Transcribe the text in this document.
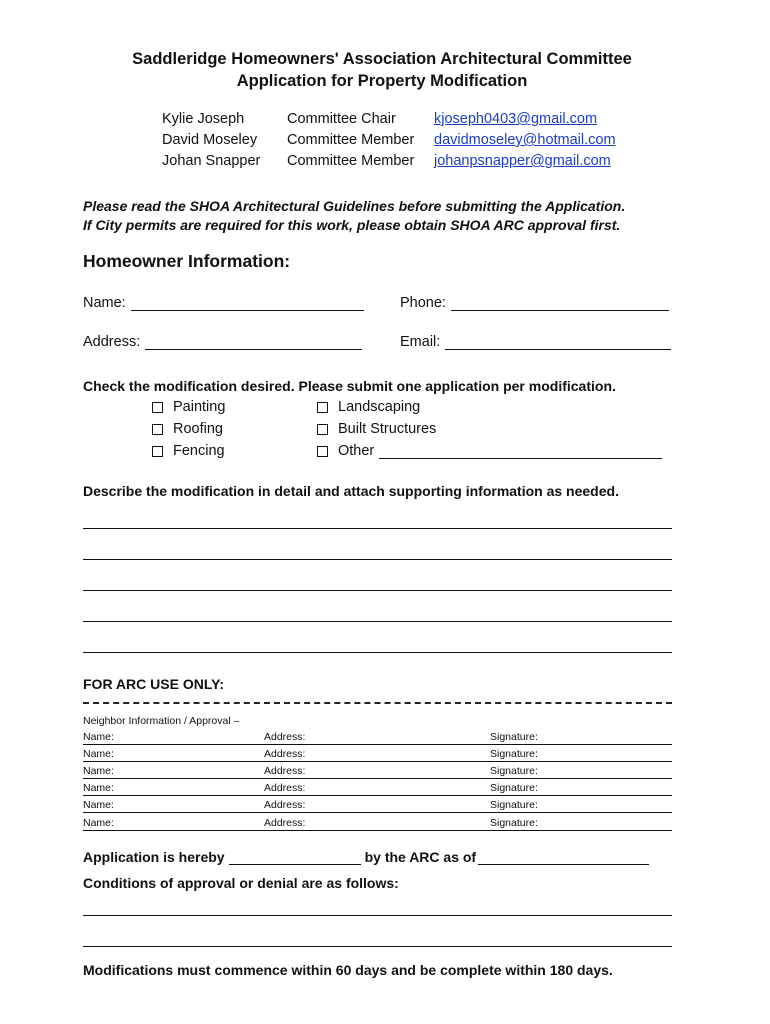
Saddleridge Homeowners' Association Architectural Committee
Application for Property Modification
Kylie Joseph	Committee Chair	kjoseph0403@gmail.com
David Moseley Committee Member davidmoseley@hotmail.com
Johan Snapper Committee Member johanpsnapper@gmail.com
Please read the SHOA Architectural Guidelines before submitting the Application.
If City permits are required for this work, please obtain SHOA ARC approval first.
Homeowner Information:
Name:	Phone:
Address:	Email:
Check the modification desired. Please submit one application per modification.
Painting
Roofing
Fencing
Landscaping
Built Structures
Other
Describe the modification in detail and attach supporting information as needed.
FOR ARC USE ONLY:
Neighbor Information / Approval –
Name:	Address:	Signature:
Name:	Address:	Signature:
Name:	Address:	Signature:
Name:	Address:	Signature:
Name:	Address:	Signature:
Name:	Address:	Signature:
Application is hereby	by the ARC as of
Conditions of approval or denial are as follows:
Modifications must commence within 60 days and be complete within 180 days.
